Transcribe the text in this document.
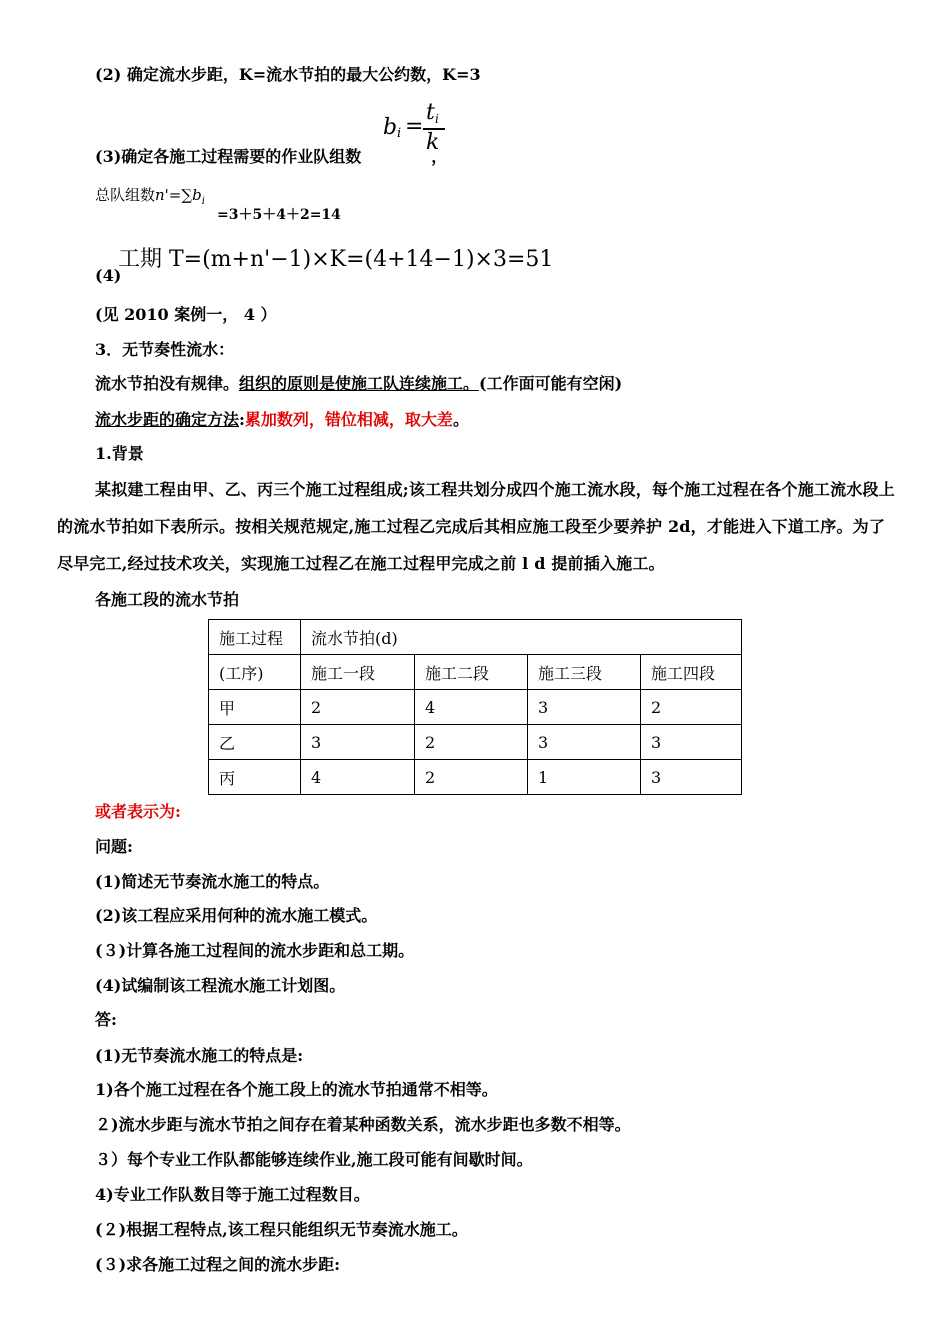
(2) 确定流水步距，K=流水节拍的最大公约数，K=3
b i =
t i
k
(3)确定各施工过程需要的作业队组数	，
总队组数$n'=\sum b_i$
=3＋5＋4＋2=14
(4)
工期 T=(m+n'−1)×K=(4+14−1)×3=51
(见 2010 案例一， 4 ）
3．无节奏性流水：
流水节拍没有规律。组织的原则是使施工队连续施工。(工作面可能有空闲)
流水步距的确定方法:累加数列，错位相减，取大差。
1.背景
某拟建工程由甲、乙、丙三个施工过程组成;该工程共划分成四个施工流水段，每个施工过程在各个施工流水段上的流水节拍如下表所示。按相关规范规定,施工过程乙完成后其相应施工段至少要养护 2d，才能进入下道工序。为了尽早完工,经过技术攻关，实现施工过程乙在施工过程甲完成之前 l d 提前插入施工。
各施工段的流水节拍
施工过程	流水节拍(d)			
(工序)	施工一段	施工二段	施工三段	施工四段
甲	2	4	3	2
乙	3	2	3	3
丙	4	2	1	3
或者表示为:
问题:
(1)简述无节奏流水施工的特点。
(2)该工程应采用何种的流水施工模式。
(３)计算各施工过程间的流水步距和总工期。
(4)试编制该工程流水施工计划图。
答:
(1)无节奏流水施工的特点是:
1)各个施工过程在各个施工段上的流水节拍通常不相等。
２)流水步距与流水节拍之间存在着某种函数关系，流水步距也多数不相等。
３）每个专业工作队都能够连续作业,施工段可能有间歇时间。
4)专业工作队数目等于施工过程数目。
(２)根据工程特点,该工程只能组织无节奏流水施工。
(３)求各施工过程之间的流水步距:
